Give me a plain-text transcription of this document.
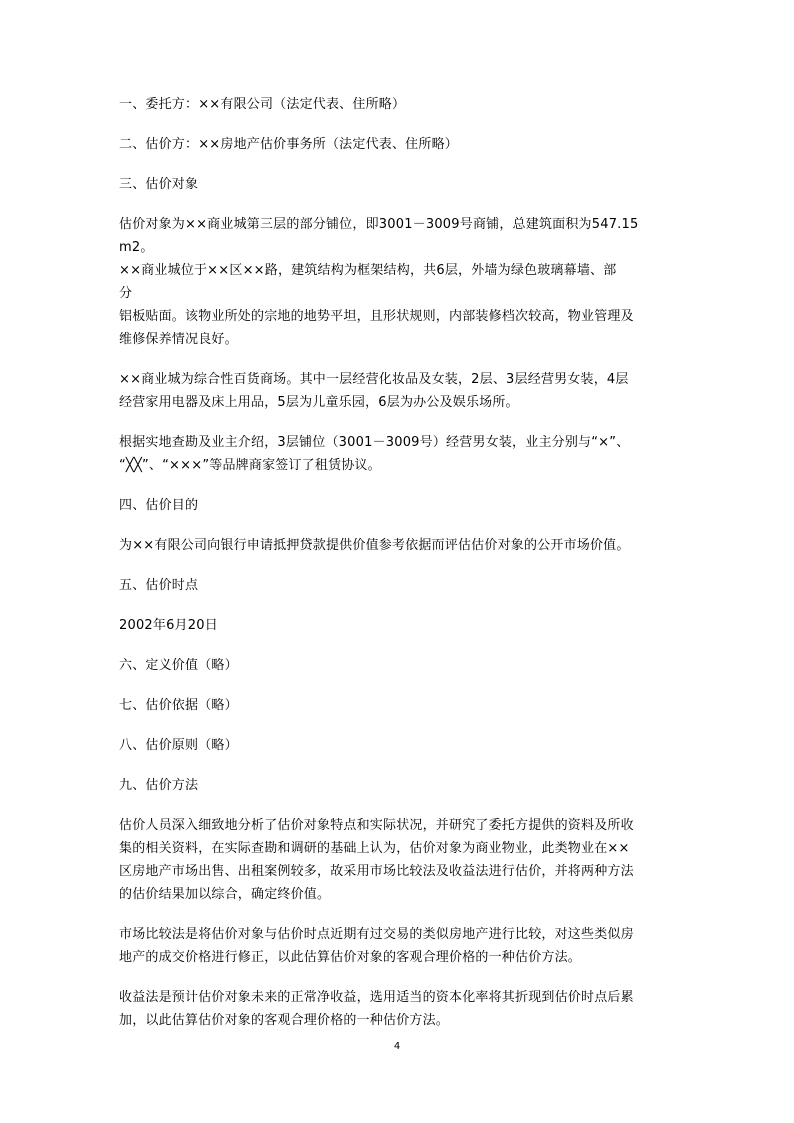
一、委托方：××有限公司（法定代表、住所略）

二、估价方：××房地产估价事务所（法定代表、住所略）

三、估价对象

估价对象为××商业城第三层的部分铺位，即3001－3009号商铺，总建筑面积为547.15

m2。

××商业城位于××区××路，建筑结构为框架结构，共6层，外墙为绿色玻璃幕墙、部

分

铝板贴面。该物业所处的宗地的地势平坦，且形状规则，内部装修档次较高，物业管理及

维修保养情况良好。

××商业城为综合性百货商场。其中一层经营化妆品及女装，2层、3层经营男女装，4层

经营家用电器及床上用品，5层为儿童乐园，6层为办公及娱乐场所。

根据实地查勘及业主介绍，3层铺位（3001－3009号）经营男女装，业主分别与“×”、

“╳╳”、“×××”等品牌商家签订了租赁协议。

四、估价目的

为××有限公司向银行申请抵押贷款提供价值参考依据而评估估价对象的公开市场价值。

五、估价时点

2002年6月20日

六、定义价值（略）

七、估价依据（略）

八、估价原则（略）

九、估价方法

估价人员深入细致地分析了估价对象特点和实际状况，并研究了委托方提供的资料及所收

集的相关资料，在实际查勘和调研的基础上认为，估价对象为商业物业，此类物业在××

区房地产市场出售、出租案例较多，故采用市场比较法及收益法进行估价，并将两种方法

的估价结果加以综合，确定终价值。

市场比较法是将估价对象与估价时点近期有过交易的类似房地产进行比较，对这些类似房

地产的成交价格进行修正，以此估算估价对象的客观合理价格的一种估价方法。

收益法是预计估价对象未来的正常净收益，选用适当的资本化率将其折现到估价时点后累

加，以此估算估价对象的客观合理价格的一种估价方法。

4
